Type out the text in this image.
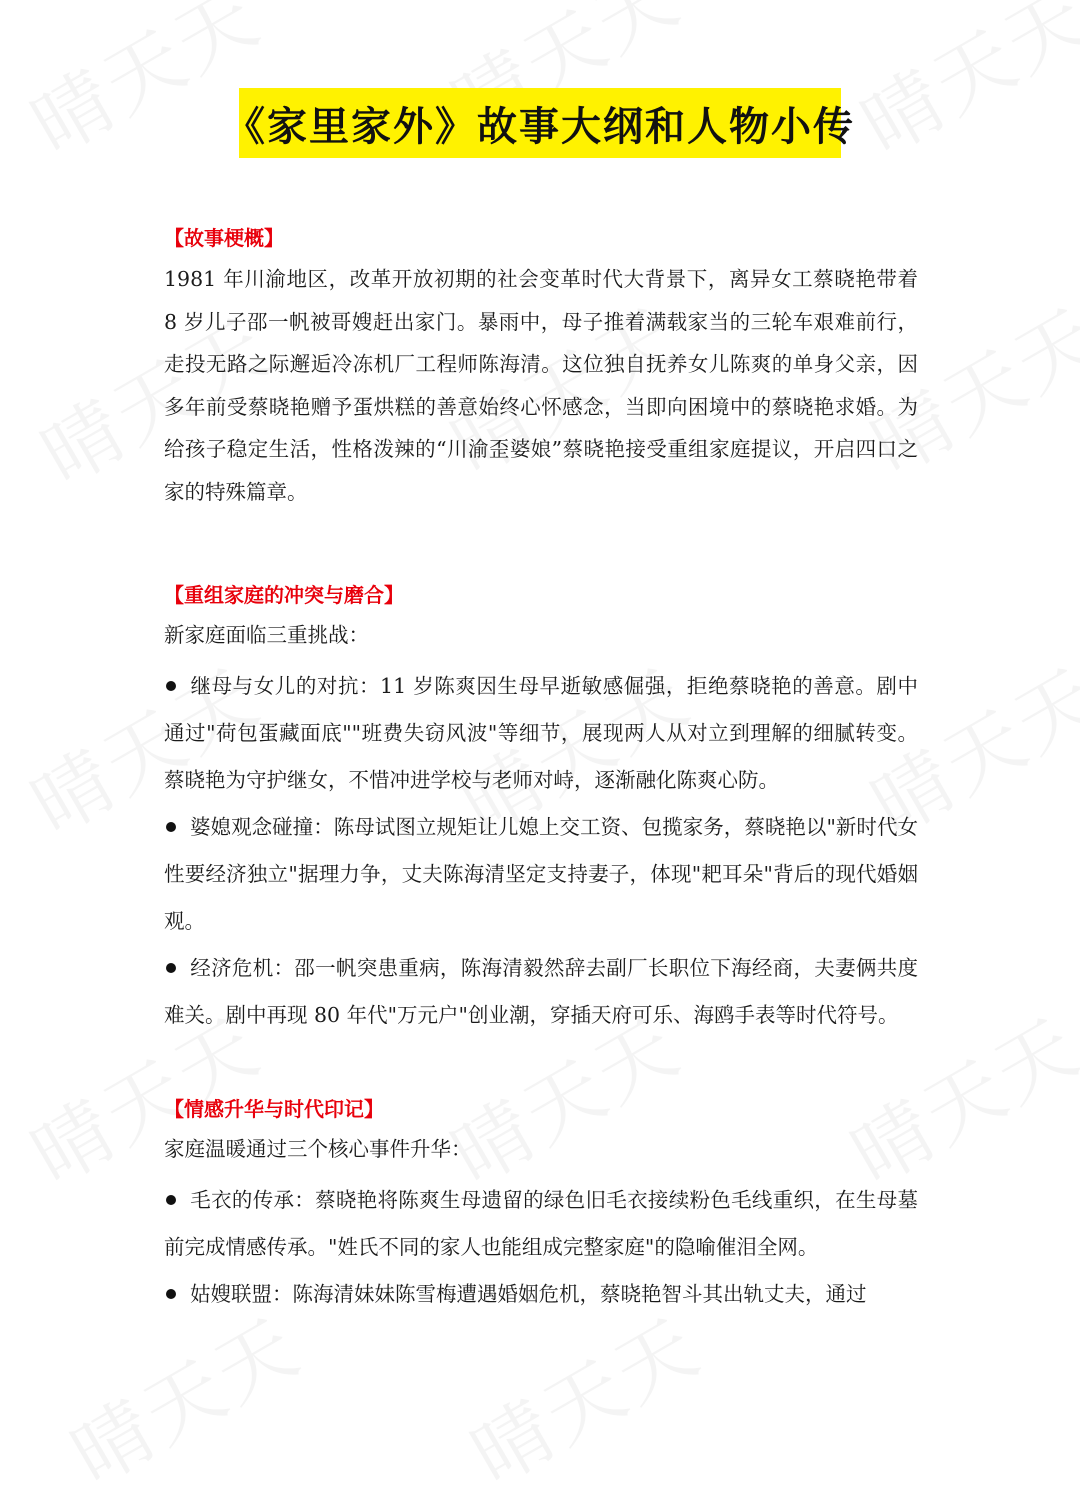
《家里家外》故事大纲和人物小传
【故事梗概】

1981 年川渝地区，改革开放初期的社会变革时代大背景下，离异女工蔡晓艳带着 8 岁儿子邵一帆被哥嫂赶出家门。暴雨中，母子推着满载家当的三轮车艰难前行，走投无路之际邂逅冷冻机厂工程师陈海清。这位独自抚养女儿陈爽的单身父亲，因多年前受蔡晓艳赠予蛋烘糕的善意始终心怀感念，当即向困境中的蔡晓艳求婚。为给孩子稳定生活，性格泼辣的“川渝歪婆娘”蔡晓艳接受重组家庭提议，开启四口之家的特殊篇章。

【重组家庭的冲突与磨合】

新家庭面临三重挑战：

继母与女儿的对抗：11 岁陈爽因生母早逝敏感倔强，拒绝蔡晓艳的善意。剧中通过"荷包蛋藏面底""班费失窃风波"等细节，展现两人从对立到理解的细腻转变。蔡晓艳为守护继女，不惜冲进学校与老师对峙，逐渐融化陈爽心防。
婆媳观念碰撞：陈母试图立规矩让儿媳上交工资、包揽家务，蔡晓艳以"新时代女性要经济独立"据理力争，丈夫陈海清坚定支持妻子，体现"耙耳朵"背后的现代婚姻观。
经济危机：邵一帆突患重病，陈海清毅然辞去副厂长职位下海经商，夫妻俩共度难关。剧中再现 80 年代"万元户"创业潮，穿插天府可乐、海鸥手表等时代符号。
【情感升华与时代印记】

家庭温暖通过三个核心事件升华：

毛衣的传承：蔡晓艳将陈爽生母遗留的绿色旧毛衣接续粉色毛线重织，在生母墓前完成情感传承。"姓氏不同的家人也能组成完整家庭"的隐喻催泪全网。
姑嫂联盟：陈海清妹妹陈雪梅遭遇婚姻危机，蔡晓艳智斗其出轨丈夫，通过
